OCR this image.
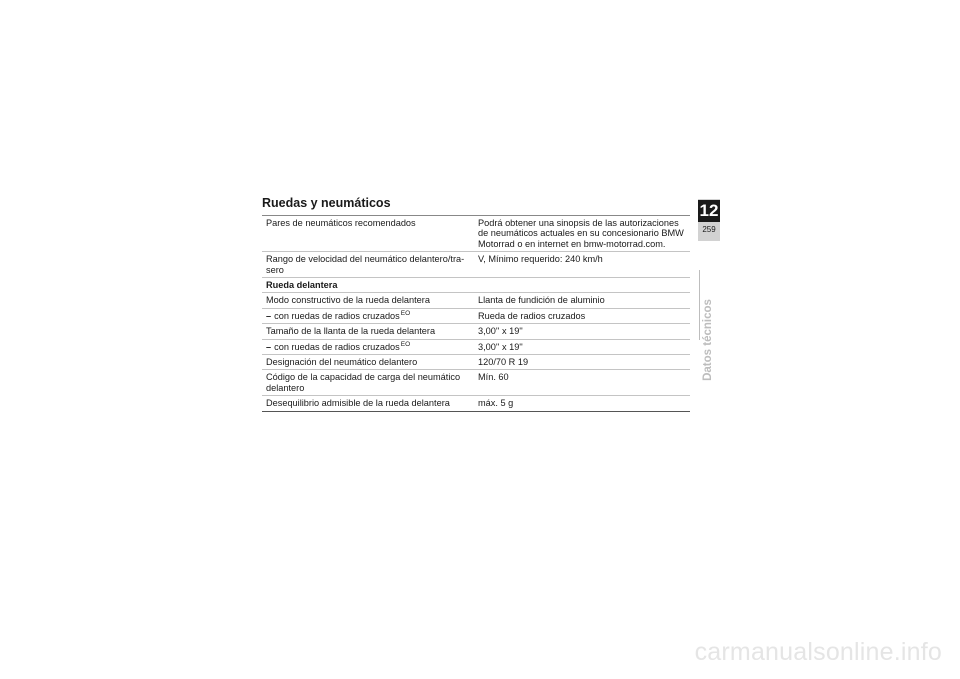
Ruedas y neumáticos
Pares de neumáticos recomendados	Podrá obtener una sinopsis de las autorizaciones de neumáticos actuales en su concesionario BMW Motorrad o en internet en bmw-motorrad.com.
Rango de velocidad del neumático delantero/tra-
sero	V, Mínimo requerido: 240 km/h
Rueda delantera	
Modo constructivo de la rueda delantera	Llanta de fundición de aluminio
– con ruedas de radios cruzados$^{EO}$	Rueda de radios cruzados
Tamaño de la llanta de la rueda delantera	3,00'' x 19''
– con ruedas de radios cruzados$^{EO}$	3,00'' x 19''
Designación del neumático delantero	120/70 R 19
Código de la capacidad de carga del neumático delantero	Mín. 60
Desequilibrio admisible de la rueda delantera	máx. 5 g
12
259
Datos técnicos
carmanualsonline.info
